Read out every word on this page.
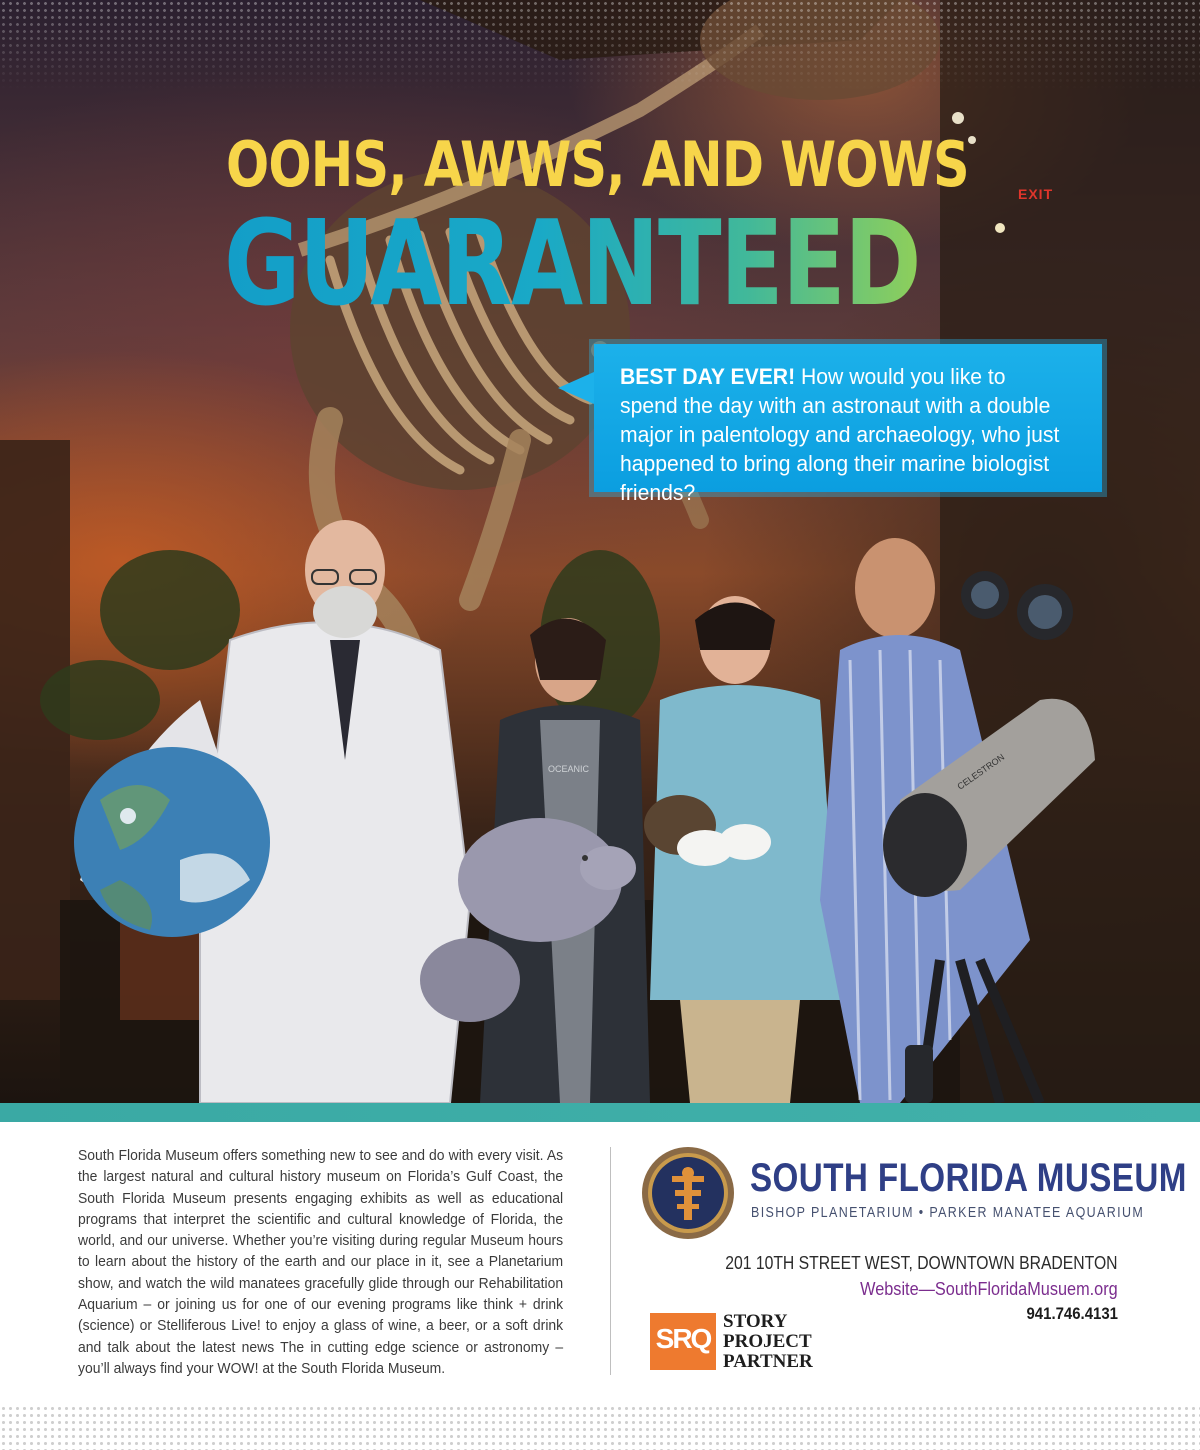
EXIT
OCEANIC	CELESTRON
OOHS, AWWS, AND WOWS
GUARANTEED

BEST DAY EVER! How would you like to spend the day with an astronaut with a double major in palentology and archaeology, who just happened to bring along their marine biologist friends?

South Florida Museum offers something new to see and do with every visit. As the largest natural and cultural history museum on Florida’s Gulf Coast, the South Florida Museum presents engaging exhibits as well as educational programs that interpret the scientific and cultural knowledge of Florida, the world, and our universe. Whether you’re visiting during regular Museum hours to learn about the history of the earth and our place in it, see a Planetarium show, and watch the wild manatees gracefully glide through our Rehabilitation Aquarium – or joining us for one of our evening programs like think + drink (science) or Stelliferous Live! to enjoy a glass of wine, a beer, or a soft drink and talk about the latest news The in cutting edge science or astronomy – you’ll always find your WOW! at the South Florida Museum.

SOUTH FLORIDA MUSEUM

BISHOP PLANETARIUM • PARKER MANATEE AQUARIUM

201 10TH STREET WEST, DOWNTOWN BRADENTON

Website—SouthFloridaMusuem.org

941.746.4131

SRQ

STORY
PROJECT
PARTNER
